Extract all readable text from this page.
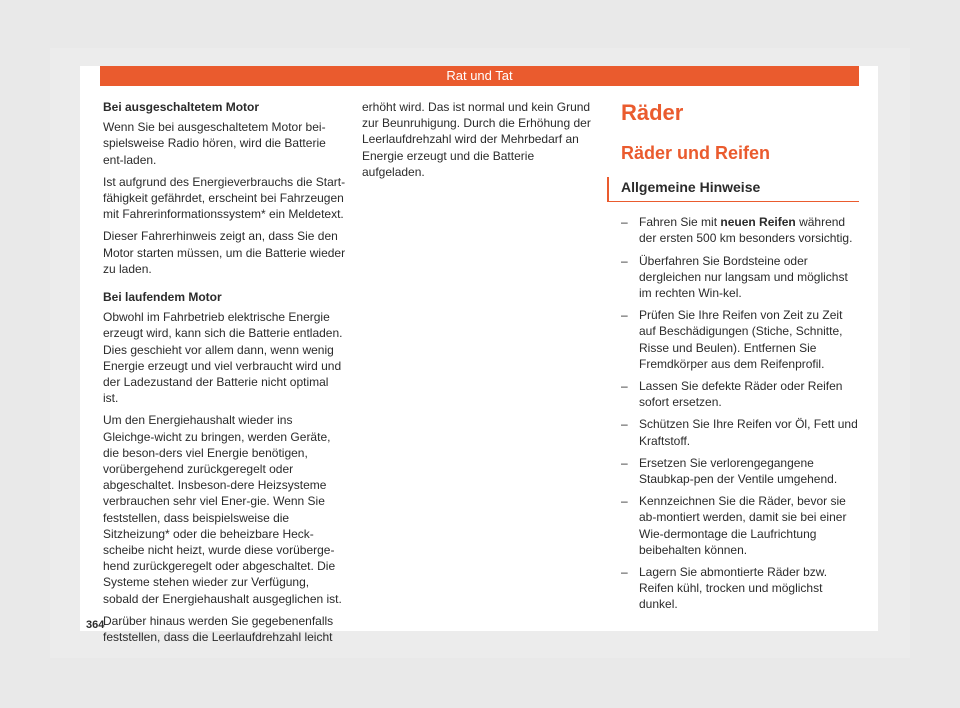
Rat und Tat
Bei ausgeschaltetem Motor

Wenn Sie bei ausgeschaltetem Motor bei-spielsweise Radio hören, wird die Batterie ent-laden.

Ist aufgrund des Energieverbrauchs die Start-fähigkeit gefährdet, erscheint bei Fahrzeugen mit Fahrerinformationssystem* ein Meldetext.

Dieser Fahrerhinweis zeigt an, dass Sie den Motor starten müssen, um die Batterie wieder zu laden.

Bei laufendem Motor

Obwohl im Fahrbetrieb elektrische Energie erzeugt wird, kann sich die Batterie entladen. Dies geschieht vor allem dann, wenn wenig Energie erzeugt und viel verbraucht wird und der Ladezustand der Batterie nicht optimal ist.

Um den Energiehaushalt wieder ins Gleichge-wicht zu bringen, werden Geräte, die beson-ders viel Energie benötigen, vorübergehend zurückgeregelt oder abgeschaltet. Insbeson-dere Heizsysteme verbrauchen sehr viel Ener-gie. Wenn Sie feststellen, dass beispielsweise die Sitzheizung* oder die beheizbare Heck-scheibe nicht heizt, wurde diese vorüberge-hend zurückgeregelt oder abgeschaltet. Die Systeme stehen wieder zur Verfügung, sobald der Energiehaushalt ausgeglichen ist.

Darüber hinaus werden Sie gegebenenfalls feststellen, dass die Leerlaufdrehzahl leicht

erhöht wird. Das ist normal und kein Grund zur Beunruhigung. Durch die Erhöhung der Leerlaufdrehzahl wird der Mehrbedarf an Energie erzeugt und die Batterie aufgeladen.

Räder
Räder und Reifen
Allgemeine Hinweise
– Fahren Sie mit neuen Reifen während der ersten 500 km besonders vorsichtig.
– Überfahren Sie Bordsteine oder dergleichen nur langsam und möglichst im rechten Win-kel.
– Prüfen Sie Ihre Reifen von Zeit zu Zeit auf Beschädigungen (Stiche, Schnitte, Risse und Beulen). Entfernen Sie Fremdkörper aus dem Reifenprofil.
– Lassen Sie defekte Räder oder Reifen sofort ersetzen.
– Schützen Sie Ihre Reifen vor Öl, Fett und Kraftstoff.
– Ersetzen Sie verlorengegangene Staubkap-pen der Ventile umgehend.
– Kennzeichnen Sie die Räder, bevor sie ab-montiert werden, damit sie bei einer Wie-dermontage die Laufrichtung beibehalten können.
– Lagern Sie abmontierte Räder bzw. Reifen kühl, trocken und möglichst dunkel.
364
